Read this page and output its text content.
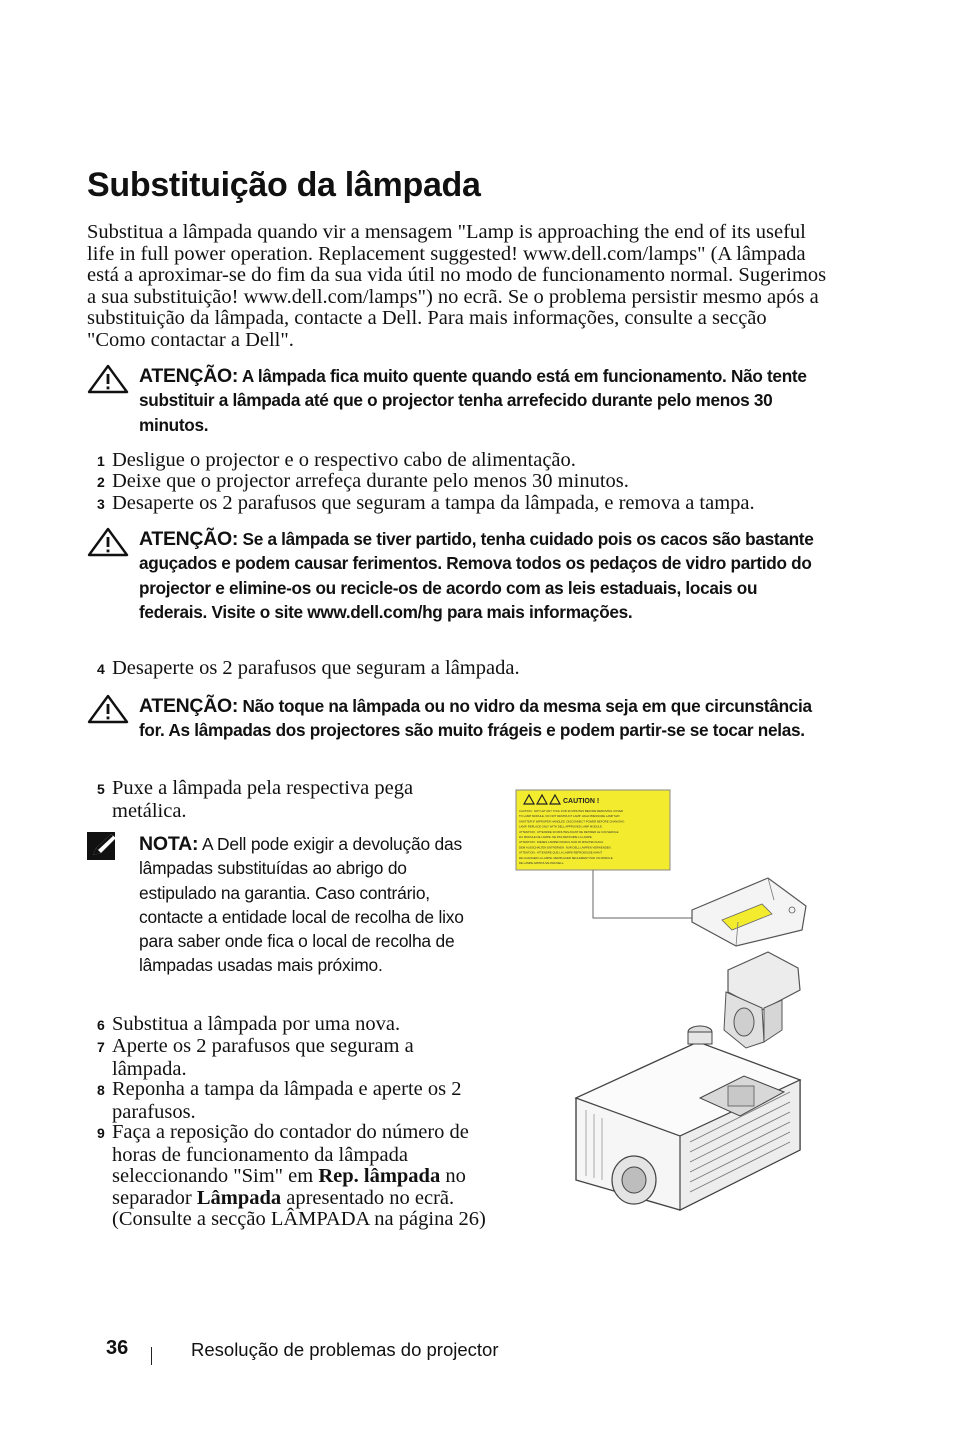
Substituição da lâmpada

Substitua a lâmpada quando vir a mensagem "Lamp is approaching the end of its useful life in full power operation. Replacement suggested! www.dell.com/lamps" (A lâmpada está a aproximar-se do fim da sua vida útil no modo de funcionamento normal. Sugerimos a sua substituição! www.dell.com/lamps") no ecrã. Se o problema persistir mesmo após a substituição da lâmpada, contacte a Dell. Para mais informações, consulte a secção "Como contactar a Dell".

ATENÇÃO: A lâmpada fica muito quente quando está em funcionamento. Não tente substituir a lâmpada até que o projector tenha arrefecido durante pelo menos 30 minutos.

1 Desligue o projector e o respectivo cabo de alimentação.

2 Deixe que o projector arrefeça durante pelo menos 30 minutos.

3 Desaperte os 2 parafusos que seguram a tampa da lâmpada, e remova a tampa.

ATENÇÃO: Se a lâmpada se tiver partido, tenha cuidado pois os cacos são bastante aguçados e podem causar ferimentos. Remova todos os pedaços de vidro partido do projector e elimine-os ou recicle-os de acordo com as leis estaduais, locais ou federais. Visite o site www.dell.com/hg para mais informações.

4 Desaperte os 2 parafusos que seguram a lâmpada.

ATENÇÃO: Não toque na lâmpada ou no vidro da mesma seja em que circunstância for. As lâmpadas dos projectores são muito frágeis e podem partir-se se tocar nelas.

5 Puxe a lâmpada pela respectiva pega metálica.

NOTA: A Dell pode exigir a devolução das lâmpadas substituídas ao abrigo do estipulado na garantia. Caso contrário, contacte a entidade local de recolha de lixo para saber onde fica o local de recolha de lâmpadas usadas mais próximo.

6 Substitua a lâmpada por uma nova.

7 Aperte os 2 parafusos que seguram a lâmpada.

8 Reponha a tampa da lâmpada e aperte os 2 parafusos.

9 Faça a reposição do contador do número de horas de funcionamento da lâmpada seleccionando "Sim" em Rep. lâmpada no separador Lâmpada apresentado no ecrã. (Consulte a secção LÂMPADA na página 26)

CAUTION !
CAUTION : NOT LET ANY TOOL FOR 30 MINUTES BEFORE REMOVING COVER
TO LAMP MODULE. DO NOT DESTRUCT LAMP. HIGH PRESSURE LAMP MAY
SHATTER IF IMPROPER HANDLED. DISCONNECT POWER BEFORE CHANGING
LAMP. REPLACE ONLY WITH DELL APPROVED LAMP MODULE.
ATTENTION : ATTENDRE 30 MINUTES AVANT DE RETIRER LE COUVERCLE
DU MODULE DE LAMPE. NE PAS DETRUIRE LA LAMPE.
ATTENTION : DIESES LAMPEN MODUL NUR 30 MINUTEN NACH
DEM AUSSCHALTEN ENTFERNEN. NUR DELL LAMPEN VERWENDEN.
ATTENTION : ATTENDRE QUE LA LAMPE REFROIDISSE AVANT
DE CHANGER LA LAMPE. REMPLACER SEULEMENT PAR UN MODULE
DE LAMPE APPROUVE PAR DELL.
36	Resolução de problemas do projector
